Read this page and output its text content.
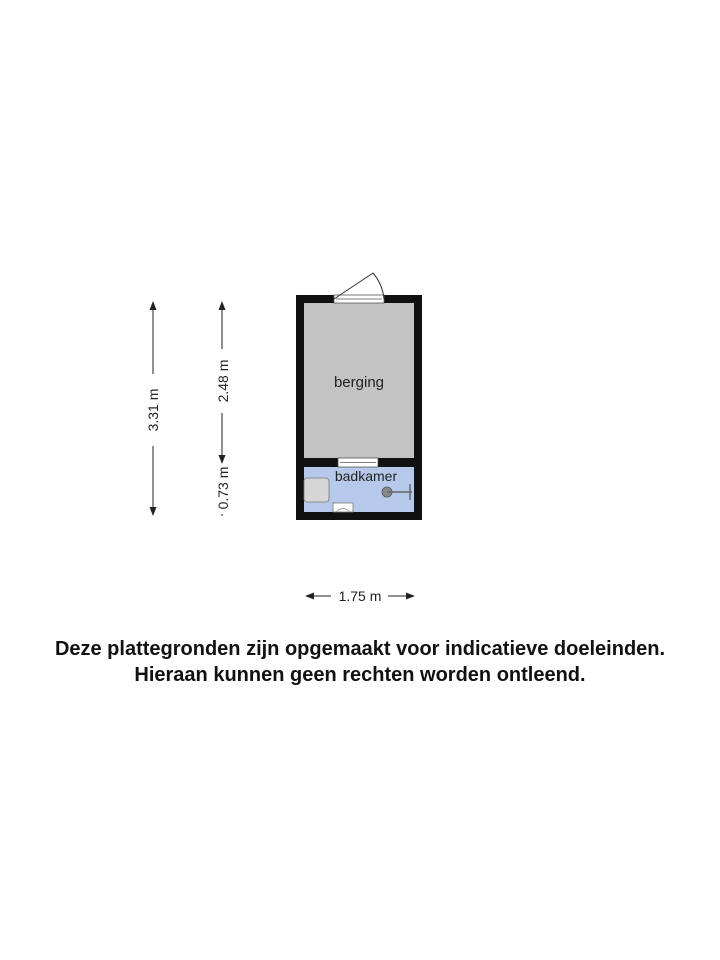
3.31 m
2.48 m
0.73 m
berging
badkamer
1.75 m
Deze plattegronden zijn opgemaakt voor indicatieve doeleinden.
Hieraan kunnen geen rechten worden ontleend.
